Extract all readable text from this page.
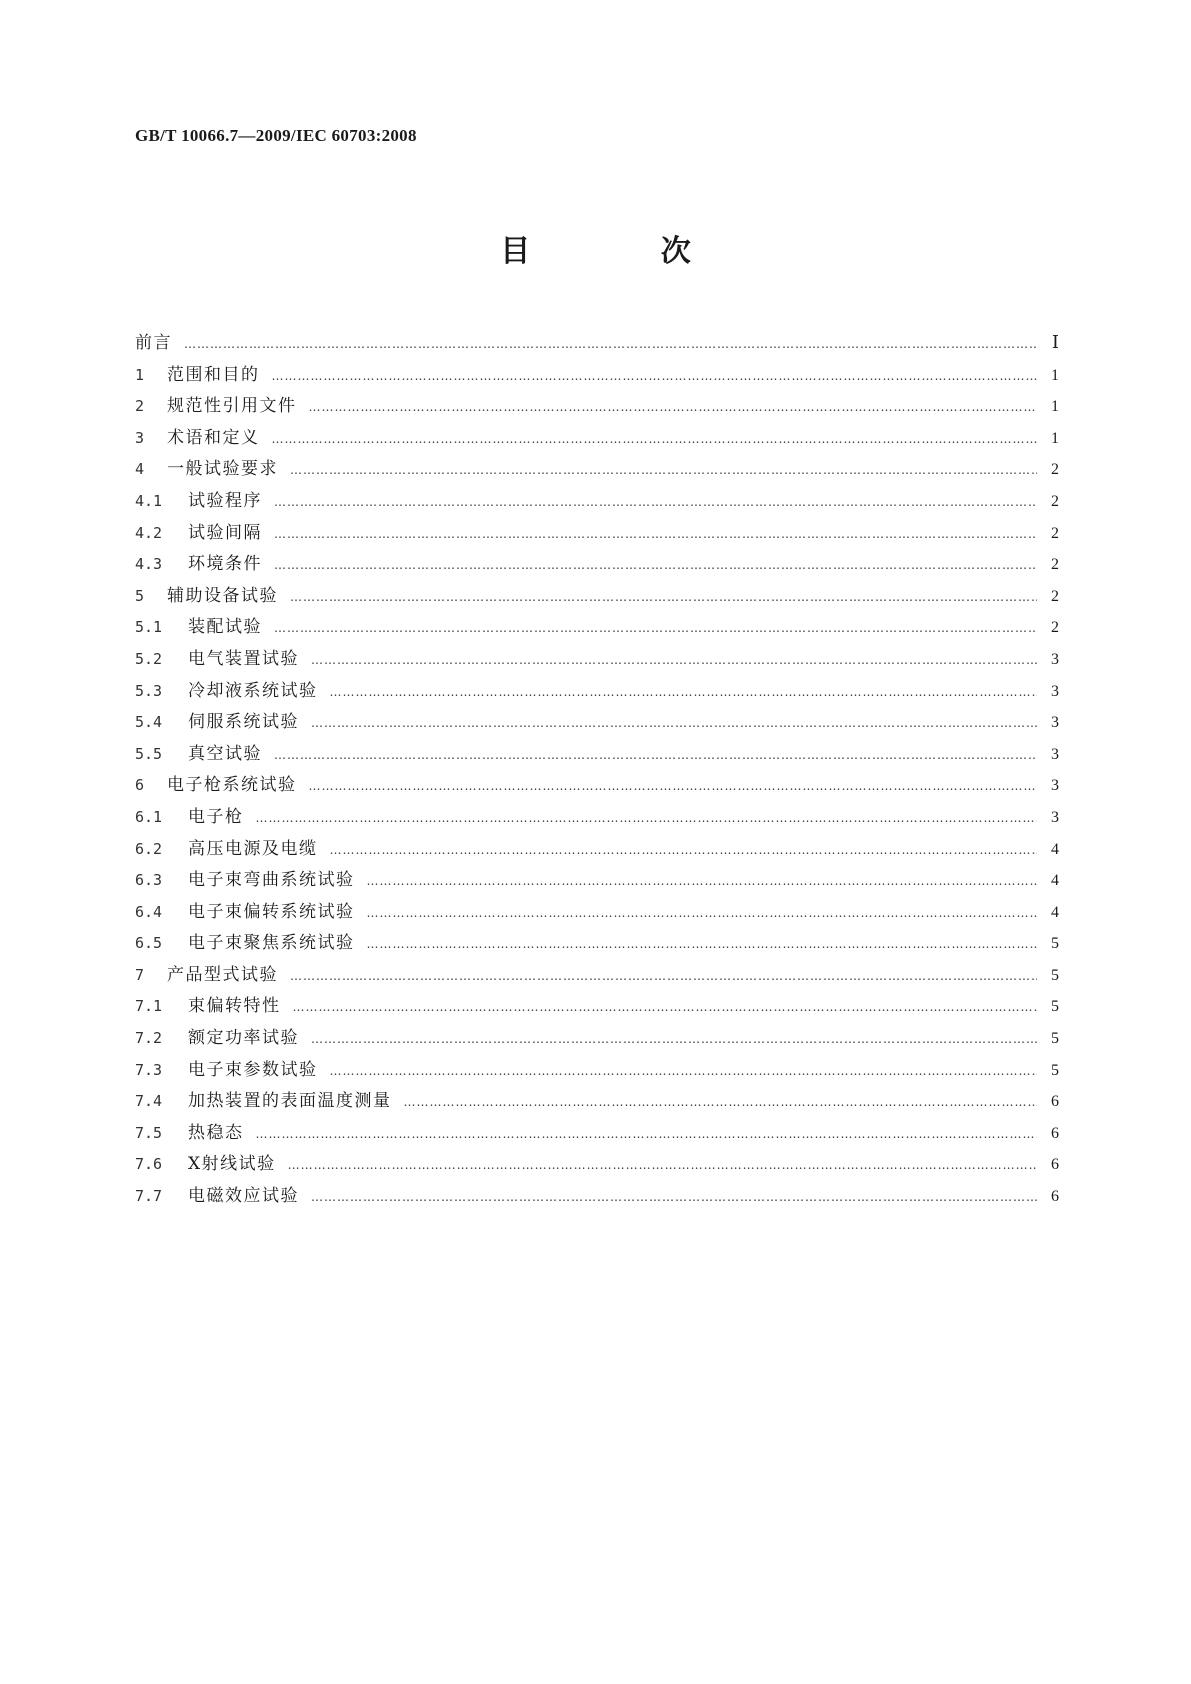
GB/T 10066.7—2009/IEC 60703:2008
目 次
前言 ……………………………………………………………………………………………………………………………………………………………………………………………………………………	Ⅰ
1	范围和目的 ……………………………………………………………………………………………………………………………………………………………………………………………………………………	1
2	规范性引用文件 ……………………………………………………………………………………………………………………………………………………………………………………………………………………	1
3	术语和定义 ……………………………………………………………………………………………………………………………………………………………………………………………………………………	1
4	一般试验要求 ……………………………………………………………………………………………………………………………………………………………………………………………………………………	2
4.1	试验程序 ……………………………………………………………………………………………………………………………………………………………………………………………………………………	2
4.2	试验间隔 ……………………………………………………………………………………………………………………………………………………………………………………………………………………	2
4.3	环境条件 ……………………………………………………………………………………………………………………………………………………………………………………………………………………	2
5	辅助设备试验 ……………………………………………………………………………………………………………………………………………………………………………………………………………………	2
5.1	装配试验 ……………………………………………………………………………………………………………………………………………………………………………………………………………………	2
5.2	电气装置试验 ……………………………………………………………………………………………………………………………………………………………………………………………………………………	3
5.3	冷却液系统试验 ……………………………………………………………………………………………………………………………………………………………………………………………………………………	3
5.4	伺服系统试验 ……………………………………………………………………………………………………………………………………………………………………………………………………………………	3
5.5	真空试验 ……………………………………………………………………………………………………………………………………………………………………………………………………………………	3
6	电子枪系统试验 ……………………………………………………………………………………………………………………………………………………………………………………………………………………	3
6.1	电子枪 ……………………………………………………………………………………………………………………………………………………………………………………………………………………	3
6.2	高压电源及电缆 ……………………………………………………………………………………………………………………………………………………………………………………………………………………	4
6.3	电子束弯曲系统试验 ……………………………………………………………………………………………………………………………………………………………………………………………………………………	4
6.4	电子束偏转系统试验 ……………………………………………………………………………………………………………………………………………………………………………………………………………………	4
6.5	电子束聚焦系统试验 ……………………………………………………………………………………………………………………………………………………………………………………………………………………	5
7	产品型式试验 ……………………………………………………………………………………………………………………………………………………………………………………………………………………	5
7.1	束偏转特性 ……………………………………………………………………………………………………………………………………………………………………………………………………………………	5
7.2	额定功率试验 ……………………………………………………………………………………………………………………………………………………………………………………………………………………	5
7.3	电子束参数试验 ……………………………………………………………………………………………………………………………………………………………………………………………………………………	5
7.4	加热装置的表面温度测量 ……………………………………………………………………………………………………………………………………………………………………………………………………………………	6
7.5	热稳态 ……………………………………………………………………………………………………………………………………………………………………………………………………………………	6
7.6	X射线试验 ……………………………………………………………………………………………………………………………………………………………………………………………………………………	6
7.7	电磁效应试验 ……………………………………………………………………………………………………………………………………………………………………………………………………………………	6
